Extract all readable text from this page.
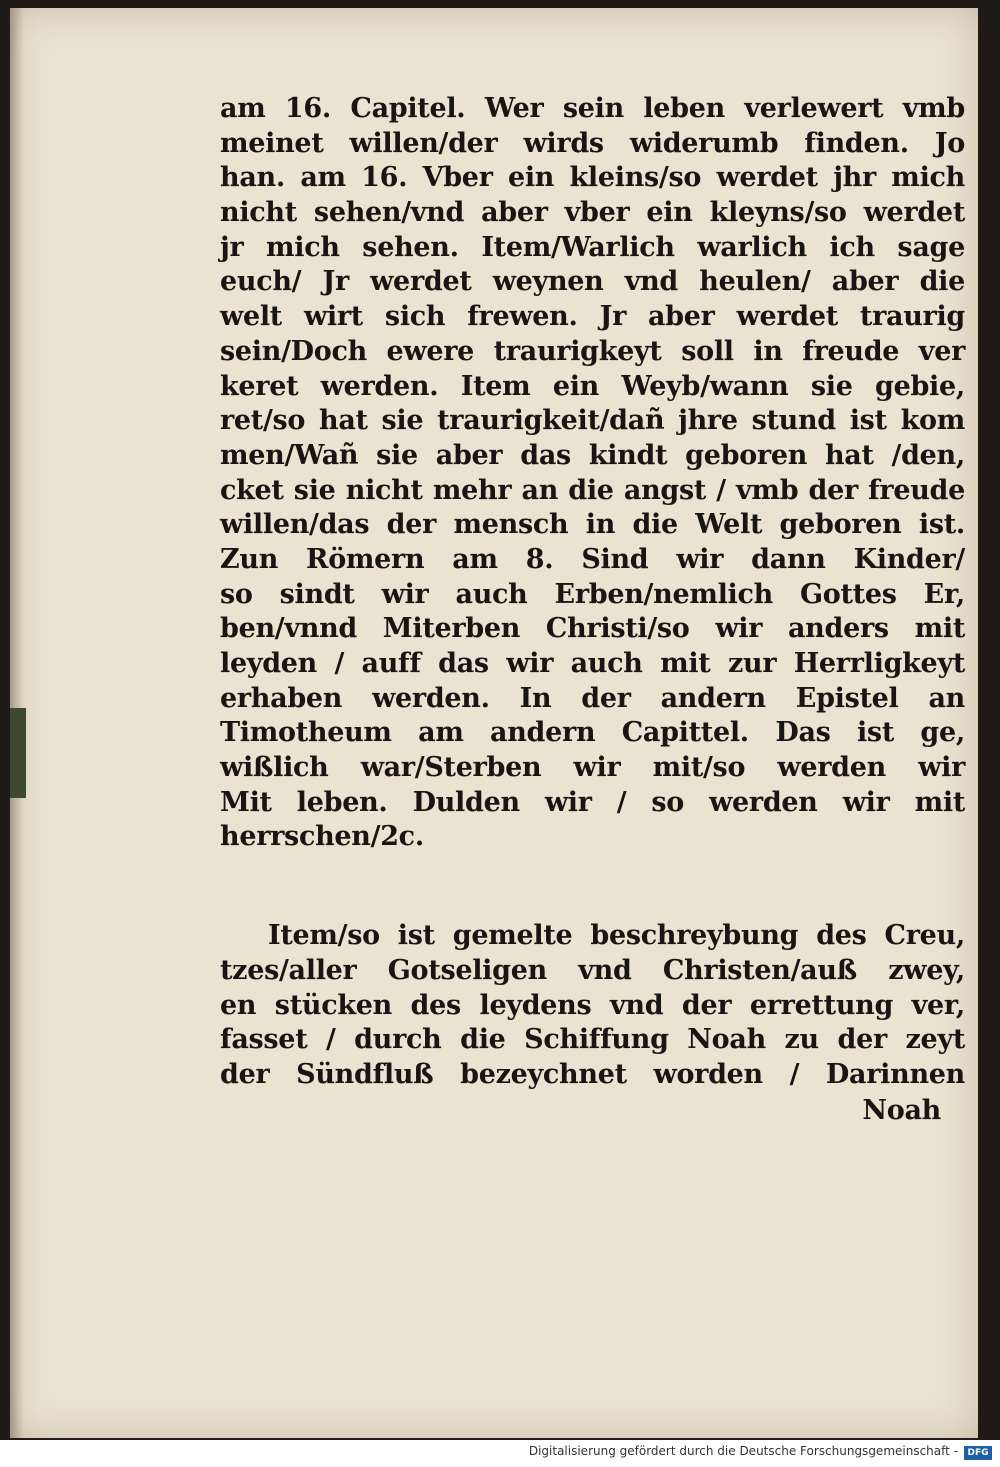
am 16. Capitel. Wer sein leben verlewert vmb
meinet willen/der wirds widerumb finden. Jo
han. am 16. Vber ein kleins/so werdet jhr mich
nicht sehen/vnd aber vber ein kleyns/so werdet
jr mich sehen. Item/Warlich warlich ich sage
euch/ Jr werdet weynen vnd heulen/ aber die
welt wirt sich frewen. Jr aber werdet traurig
sein/Doch ewere traurigkeyt soll in freude ver
keret werden. Item ein Weyb/wann sie gebie,
ret/so hat sie traurigkeit/dañ jhre stund ist kom
men/Wañ sie aber das kindt geboren hat /den,
cket sie nicht mehr an die angst / vmb der freude
willen/das der mensch in die Welt geboren ist.
Zun Römern am 8. Sind wir dann Kinder/
so sindt wir auch Erben/nemlich Gottes Er,
ben/vnnd Miterben Christi/so wir anders mit
leyden / auff das wir auch mit zur Herrligkeyt
erhaben werden. In der andern Epistel an
Timotheum am andern Capittel. Das ist ge,
wißlich war/Sterben wir mit/so werden wir
Mit leben. Dulden wir / so werden wir mit
herrschen/2c.
Item/so ist gemelte beschreybung des Creu,
tzes/aller Gotseligen vnd Christen/auß zwey,
en stücken des leydens vnd der errettung ver,
fasset / durch die Schiffung Noah zu der zeyt
der Sündfluß bezeychnet worden / Darinnen
Noah
Digitalisierung gefördert durch die Deutsche Forschungsgemeinschaft -	DFG
